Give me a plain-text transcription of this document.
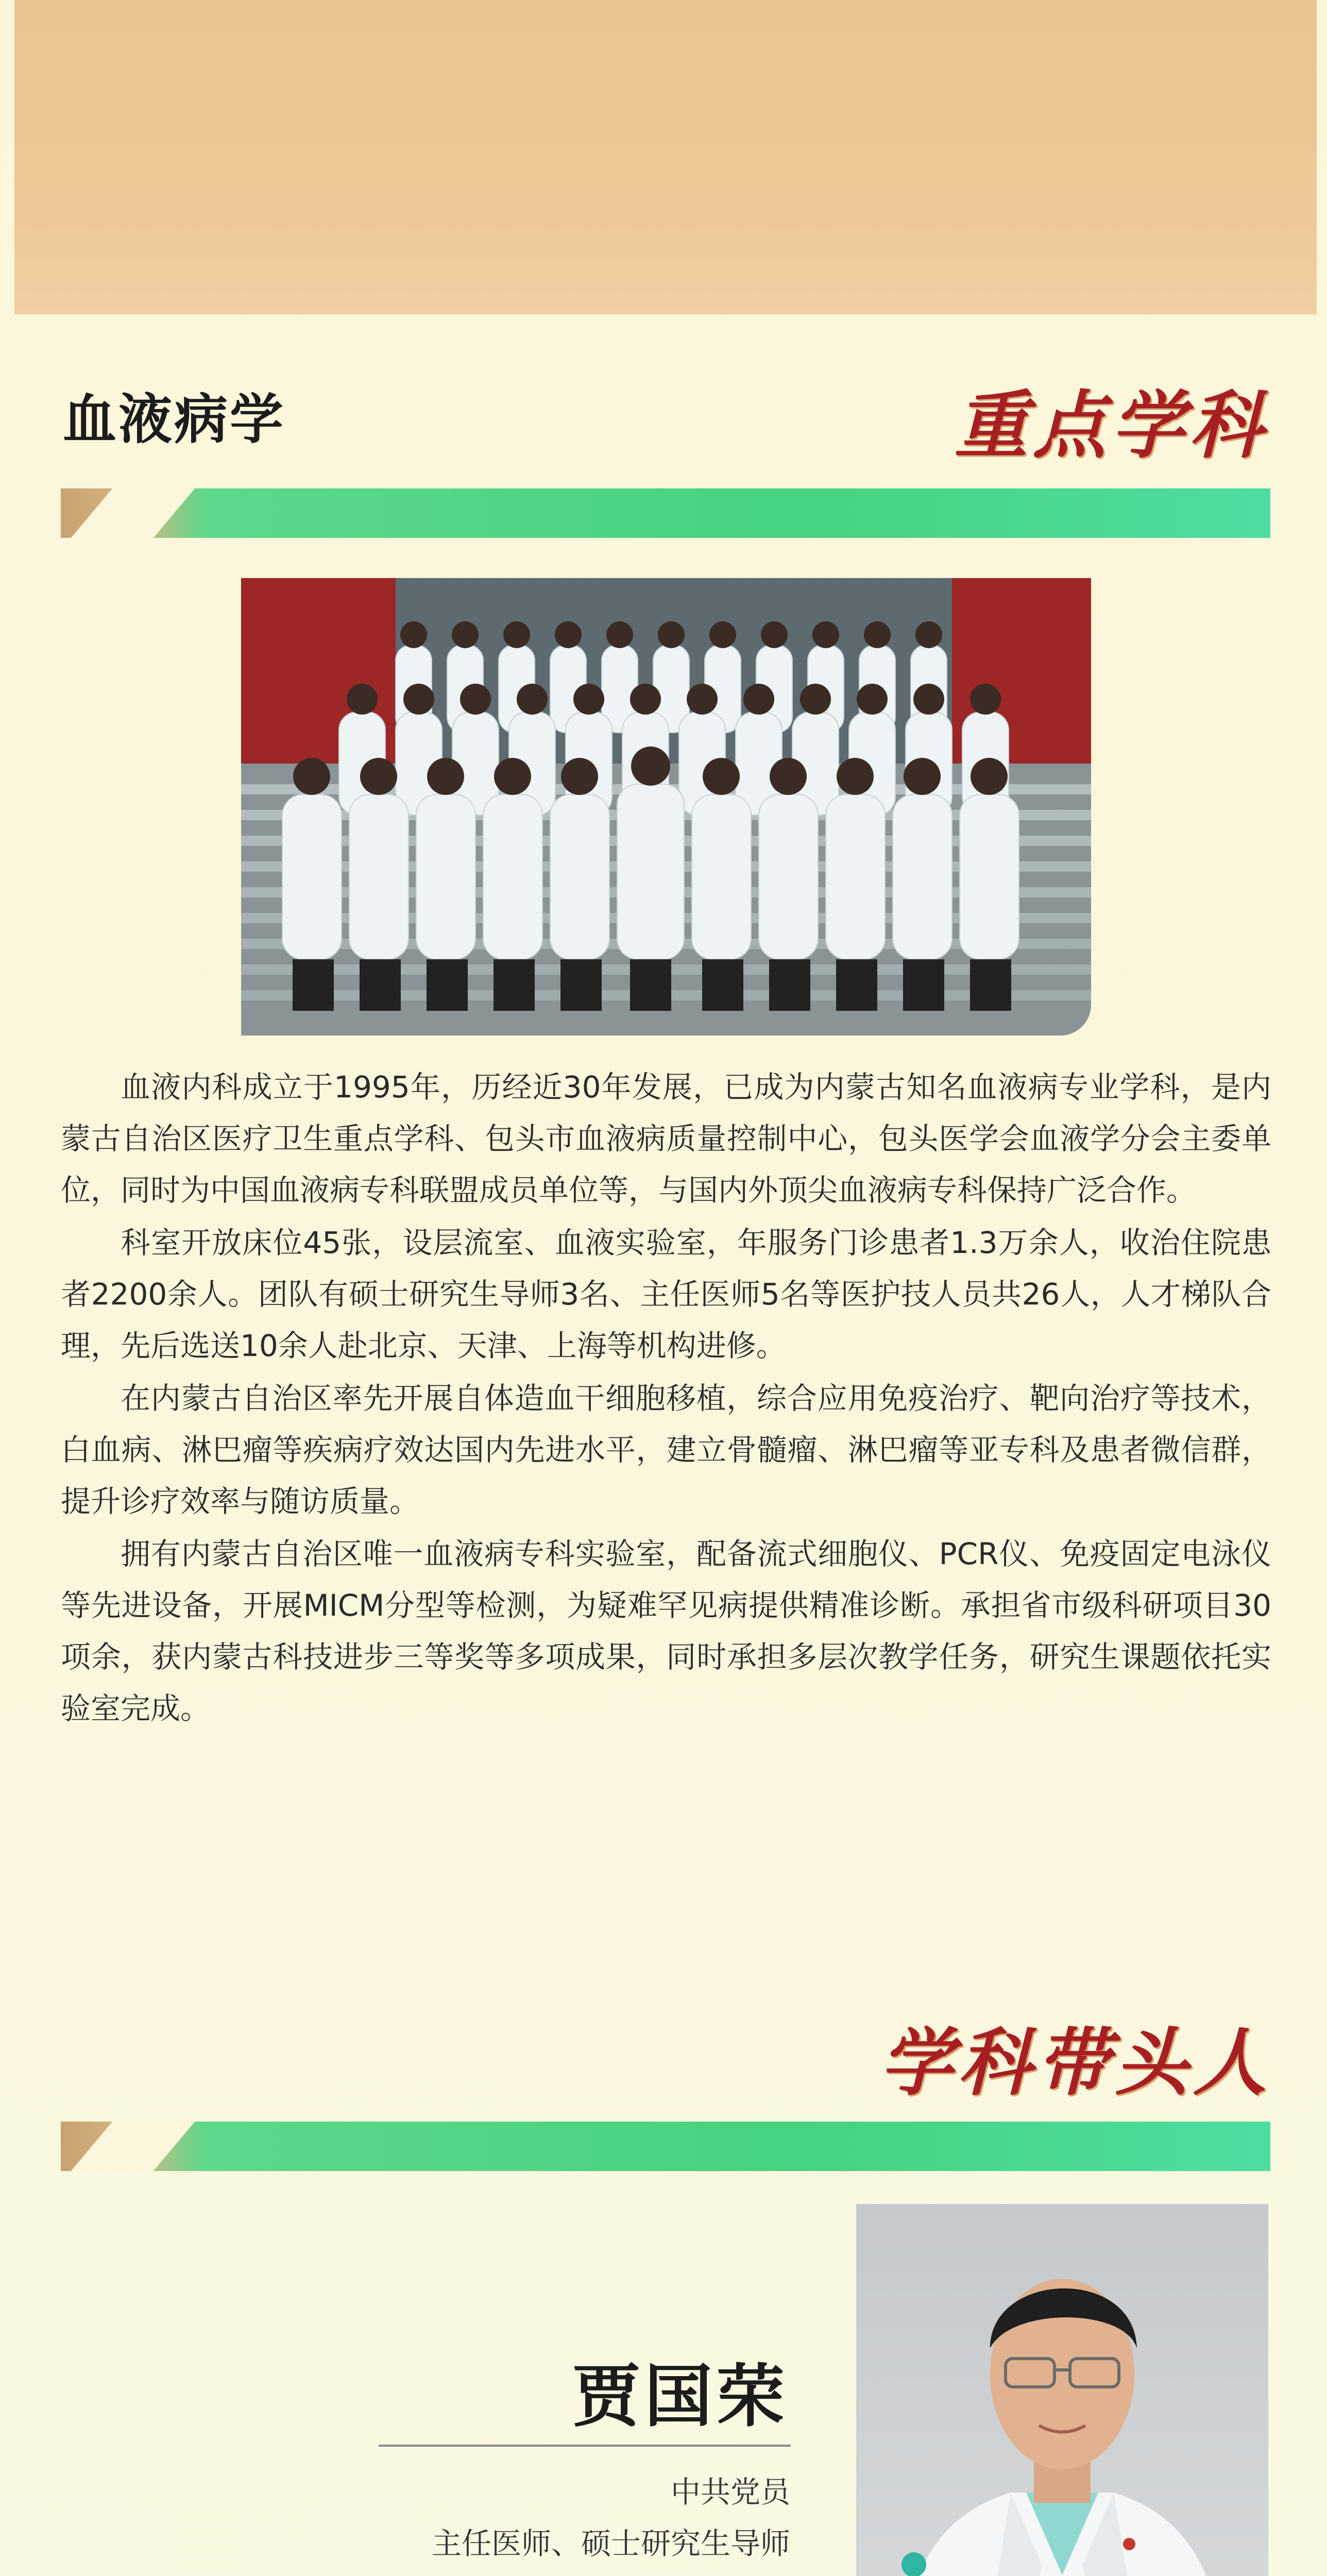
血液病学	重点学科

血液内科成立于1995年，历经近30年发展，已成为内蒙古知名血液病专业学科，是内蒙古自治区医疗卫生重点学科、包头市血液病质量控制中心，包头医学会血液学分会主委单位，同时为中国血液病专科联盟成员单位等，与国内外顶尖血液病专科保持广泛合作。

科室开放床位45张，设层流室、血液实验室，年服务门诊患者1.3万余人，收治住院患者2200余人。团队有硕士研究生导师3名、主任医师5名等医护技人员共26人，人才梯队合理，先后选送10余人赴北京、天津、上海等机构进修。

在内蒙古自治区率先开展自体造血干细胞移植，综合应用免疫治疗、靶向治疗等技术，白血病、淋巴瘤等疾病疗效达国内先进水平，建立骨髓瘤、淋巴瘤等亚专科及患者微信群，提升诊疗效率与随访质量。

拥有内蒙古自治区唯一血液病专科实验室，配备流式细胞仪、PCR仪、免疫固定电泳仪等先进设备，开展MICM分型等检测，为疑难罕见病提供精准诊断。承担省市级科研项目30项余，获内蒙古科技进步三等奖等多项成果，同时承担多层次教学任务，研究生课题依托实验室完成。

学科带头人
贾国荣
中共党员
主任医师、硕士研究生导师
